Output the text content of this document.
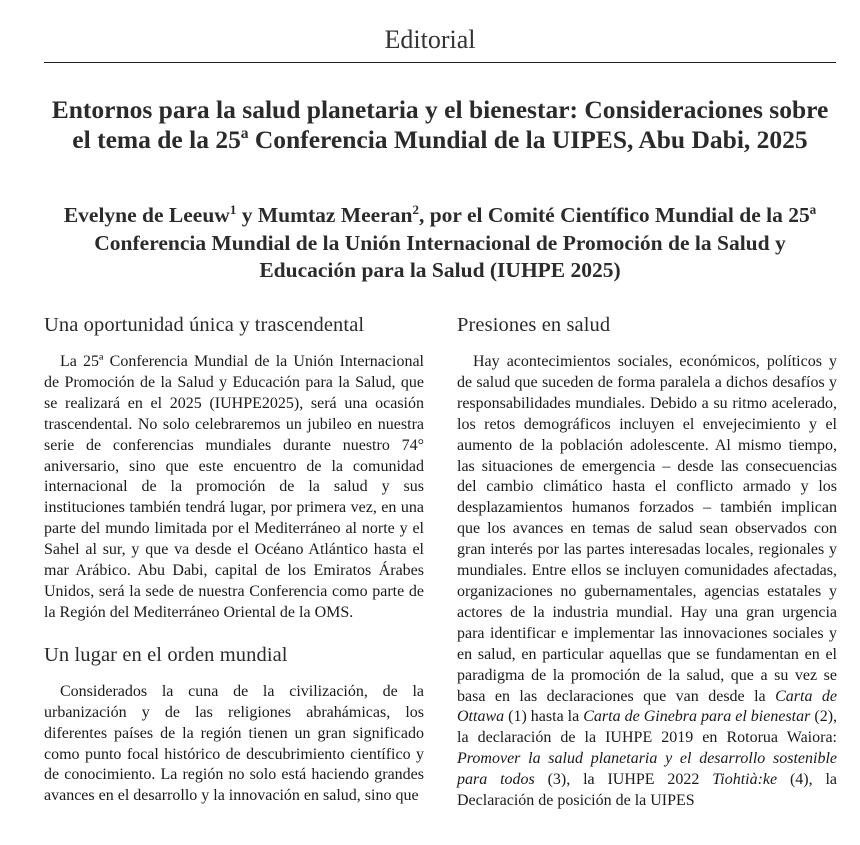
Editorial
Entornos para la salud planetaria y el bienestar: Consideraciones sobre el tema de la 25ª Conferencia Mundial de la UIPES, Abu Dabi, 2025
Evelyne de Leeuw$^1$ y Mumtaz Meeran$^2$, por el Comité Científico Mundial de la 25ª Conferencia Mundial de la Unión Internacional de Promoción de la Salud y Educación para la Salud (IUHPE 2025)
Una oportunidad única y trascendental

La 25ª Conferencia Mundial de la Unión Internacional de Promoción de la Salud y Educación para la Salud, que se realizará en el 2025 (IUHPE2025), será una ocasión trascendental. No solo celebraremos un jubileo en nuestra serie de conferencias mundiales durante nuestro 74° aniversario, sino que este encuentro de la comunidad internacional de la promoción de la salud y sus instituciones también tendrá lugar, por primera vez, en una parte del mundo limitada por el Mediterráneo al norte y el Sahel al sur, y que va desde el Océano Atlántico hasta el mar Arábico. Abu Dabi, capital de los Emiratos Árabes Unidos, será la sede de nuestra Conferencia como parte de la Región del Mediterráneo Oriental de la OMS.

Un lugar en el orden mundial

Considerados la cuna de la civilización, de la urbanización y de las religiones abrahámicas, los diferentes países de la región tienen un gran significado como punto focal histórico de descubrimiento científico y de conocimiento. La región no solo está haciendo grandes avances en el desarrollo y la innovación en salud, sino que

Presiones en salud

Hay acontecimientos sociales, económicos, políticos y de salud que suceden de forma paralela a dichos desafíos y responsabilidades mundiales. Debido a su ritmo acelerado, los retos demográficos incluyen el envejecimiento y el aumento de la población adolescente. Al mismo tiempo, las situaciones de emergencia – desde las consecuencias del cambio climático hasta el conflicto armado y los desplazamientos humanos forzados – también implican que los avances en temas de salud sean observados con gran interés por las partes interesadas locales, regionales y mundiales. Entre ellos se incluyen comunidades afectadas, organizaciones no gubernamentales, agencias estatales y actores de la industria mundial. Hay una gran urgencia para identificar e implementar las innovaciones sociales y en salud, en particular aquellas que se fundamentan en el paradigma de la promoción de la salud, que a su vez se basa en las declaraciones que van desde la Carta de Ottawa (1) hasta la Carta de Ginebra para el bienestar (2), la declaración de la IUHPE 2019 en Rotorua Waiora: Promover la salud planetaria y el desarrollo sostenible para todos (3), la IUHPE 2022 Tiohtià:ke (4), la Declaración de posición de la UIPES
